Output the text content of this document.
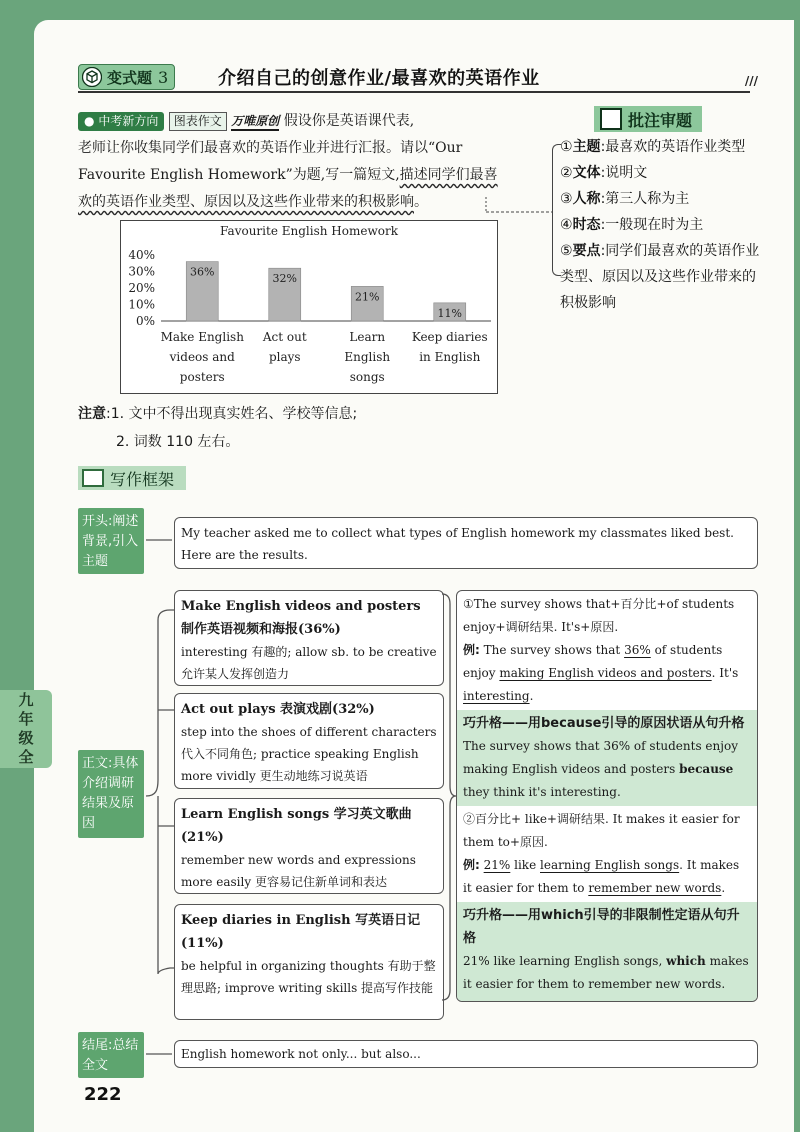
九年级全
变式题 3	介绍自己的创意作业/最喜欢的英语作业	///
● 中考新方向 图表作文 万唯原创 假设你是英语课代表,
老师让你收集同学们最喜欢的英语作业并进行汇报。请以“Our
Favourite English Homework”为题,写一篇短文,描述同学们最喜
欢的英语作业类型、原因以及这些作业带来的积极影响。
批注审题
①主题:最喜欢的英语作业类型
②文体:说明文
③人称:第三人称为主
④时态:一般现在时为主
⑤要点:同学们最喜欢的英语作业类型、原因以及这些作业带来的积极影响
Favourite English Homework
0%
10%
20%
30%
40%
36%
Make English
videos and
posters
32%
Act out
plays
21%
Learn
English
songs
11%
Keep diaries
in English
注意:1. 文中不得出现真实姓名、学校等信息;
2. 词数 110 左右。
写作框架
开头:阐述背景,引入主题
My teacher asked me to collect what types of English homework my classmates liked best. Here are the results.
正文:具体介绍调研结果及原因
Make English videos and posters 制作英语视频和海报(36%)
interesting 有趣的; allow sb. to be creative 允许某人发挥创造力
Act out plays 表演戏剧(32%)
step into the shoes of different characters 代入不同角色; practice speaking English more vividly 更生动地练习说英语
Learn English songs 学习英文歌曲(21%)
remember new words and expressions more easily 更容易记住新单词和表达
Keep diaries in English 写英语日记(11%)
be helpful in organizing thoughts 有助于整理思路; improve writing skills 提高写作技能
①The survey shows that+百分比+of students enjoy+调研结果. It's+原因.
例: The survey shows that 36% of students enjoy making English videos and posters. It's interesting.
巧升格——用because引导的原因状语从句升格
The survey shows that 36% of students enjoy making English videos and posters because they think it's interesting.
②百分比+ like+调研结果. It makes it easier for them to+原因.
例: 21% like learning English songs. It makes it easier for them to remember new words.
巧升格——用which引导的非限制性定语从句升格
21% like learning English songs, which makes it easier for them to remember new words.
结尾:总结全文
English homework not only... but also...
222
